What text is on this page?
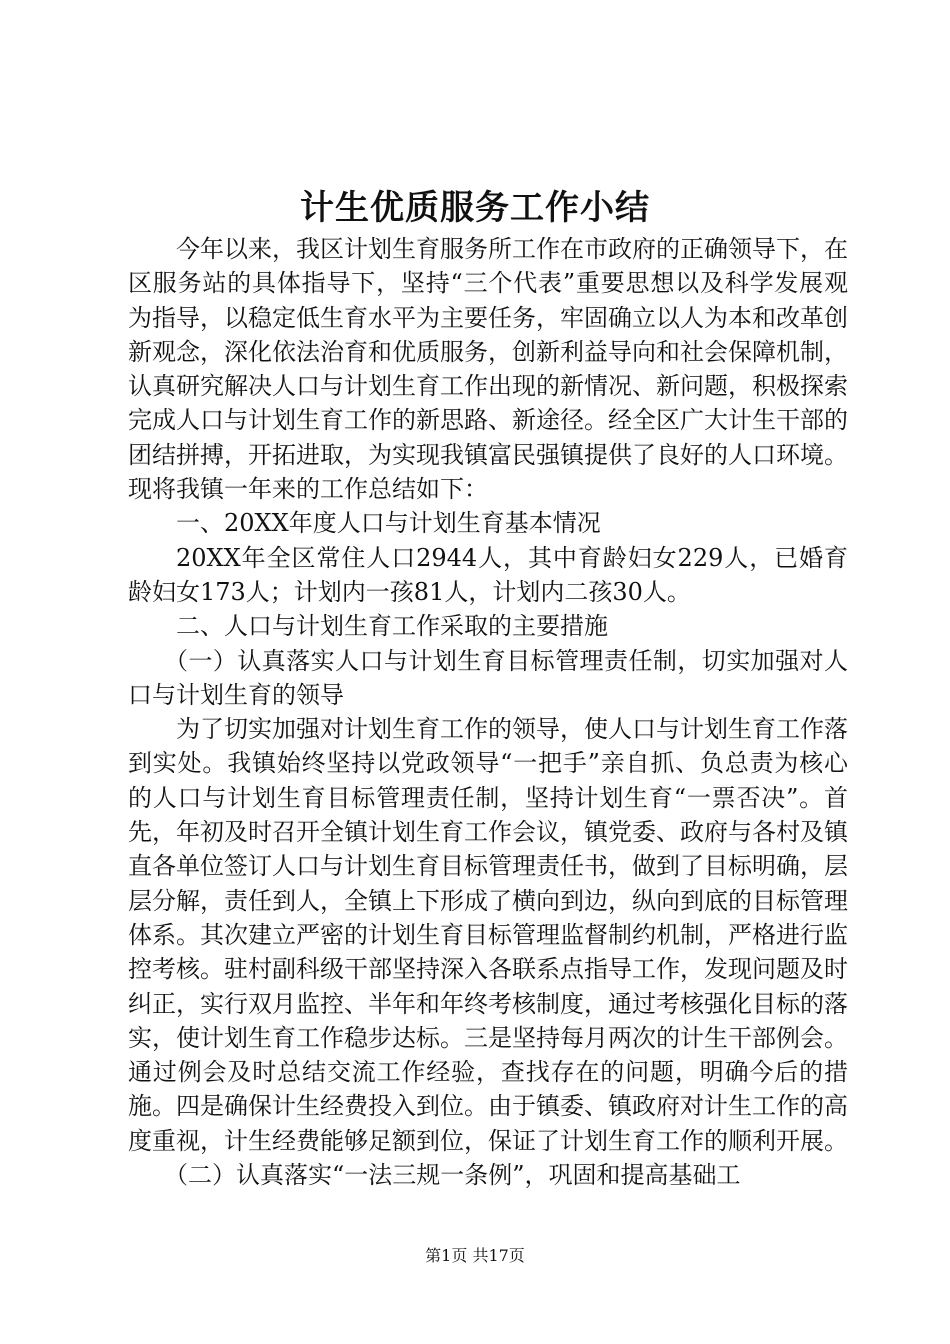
计生优质服务工作小结

今年以来，我区计划生育服务所工作在市政府的正确领导下，在区服务站的具体指导下，坚持“三个代表”重要思想以及科学发展观为指导，以稳定低生育水平为主要任务，牢固确立以人为本和改革创新观念，深化依法治育和优质服务，创新利益导向和社会保障机制，认真研究解决人口与计划生育工作出现的新情况、新问题，积极探索完成人口与计划生育工作的新思路、新途径。经全区广大计生干部的团结拼搏，开拓进取，为实现我镇富民强镇提供了良好的人口环境。现将我镇一年来的工作总结如下：

一、20XX年度人口与计划生育基本情况

20XX年全区常住人口2944人，其中育龄妇女229人，已婚育龄妇女173人；计划内一孩81人，计划内二孩30人。

二、人口与计划生育工作采取的主要措施

（一）认真落实人口与计划生育目标管理责任制，切实加强对人口与计划生育的领导

为了切实加强对计划生育工作的领导，使人口与计划生育工作落到实处。我镇始终坚持以党政领导“一把手”亲自抓、负总责为核心的人口与计划生育目标管理责任制，坚持计划生育“一票否决”。首先，年初及时召开全镇计划生育工作会议，镇党委、政府与各村及镇直各单位签订人口与计划生育目标管理责任书，做到了目标明确，层层分解，责任到人，全镇上下形成了横向到边，纵向到底的目标管理体系。其次建立严密的计划生育目标管理监督制约机制，严格进行监控考核。驻村副科级干部坚持深入各联系点指导工作，发现问题及时纠正，实行双月监控、半年和年终考核制度，通过考核强化目标的落实，使计划生育工作稳步达标。三是坚持每月两次的计生干部例会。通过例会及时总结交流工作经验，查找存在的问题，明确今后的措施。四是确保计生经费投入到位。由于镇委、镇政府对计生工作的高度重视，计生经费能够足额到位，保证了计划生育工作的顺利开展。

（二）认真落实“一法三规一条例”，巩固和提高基础工

第1页 共17页
